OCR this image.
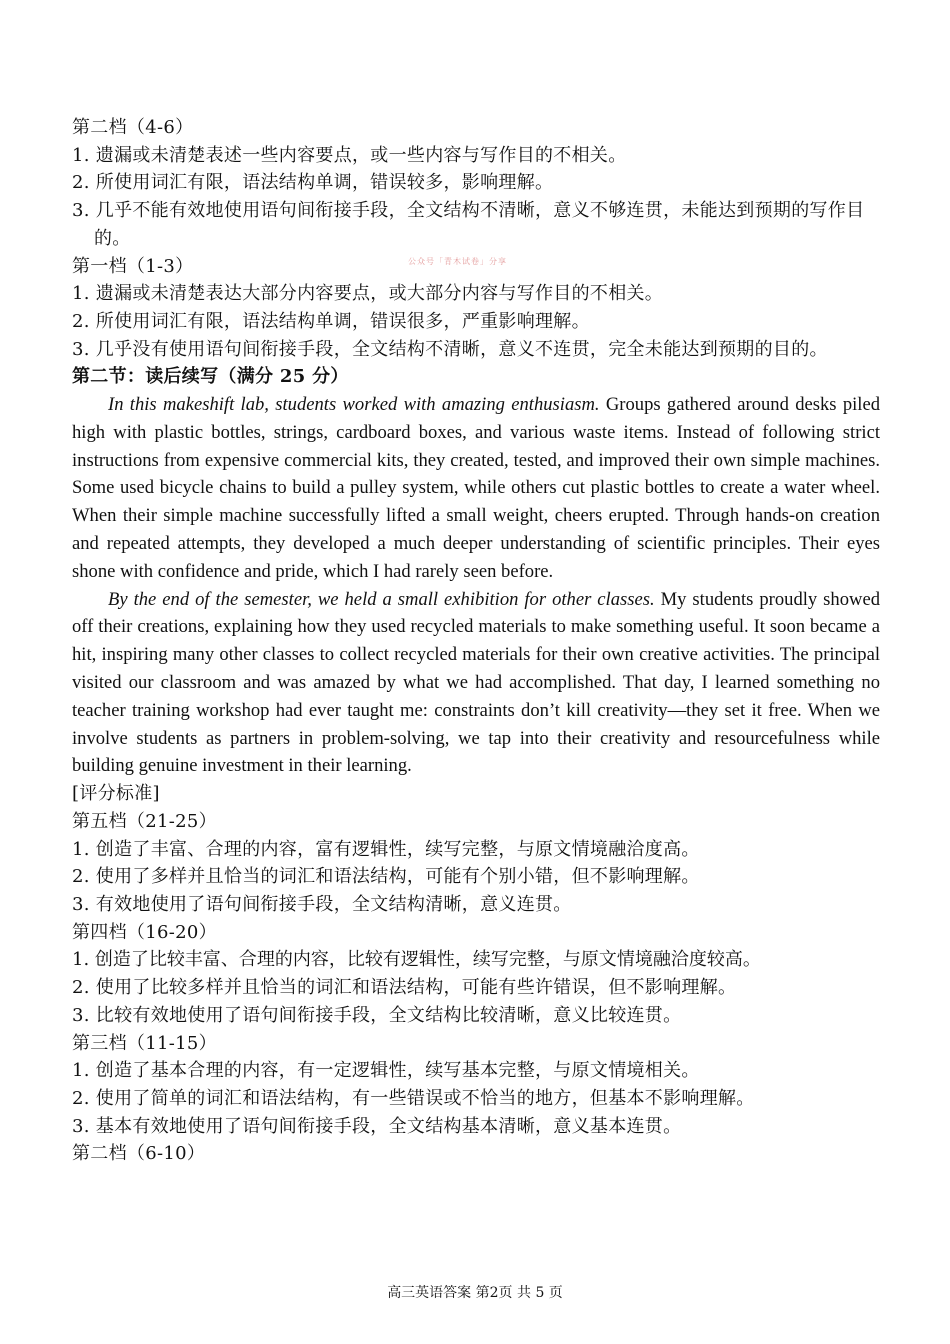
第二档（4-6）
1. 遗漏或未清楚表述一些内容要点，或一些内容与写作目的不相关。
2. 所使用词汇有限，语法结构单调，错误较多，影响理解。
3. 几乎不能有效地使用语句间衔接手段，全文结构不清晰，意义不够连贯，未能达到预期的写作目的。
第一档（1-3）
1. 遗漏或未清楚表达大部分内容要点，或大部分内容与写作目的不相关。
2. 所使用词汇有限，语法结构单调，错误很多，严重影响理解。
3. 几乎没有使用语句间衔接手段，全文结构不清晰，意义不连贯，完全未能达到预期的目的。
第二节：读后续写（满分 25 分）

In this makeshift lab, students worked with amazing enthusiasm. Groups gathered around desks piled high with plastic bottles, strings, cardboard boxes, and various waste items. Instead of following strict instructions from expensive commercial kits, they created, tested, and improved their own simple machines. Some used bicycle chains to build a pulley system, while others cut plastic bottles to create a water wheel. When their simple machine successfully lifted a small weight, cheers erupted. Through hands-on creation and repeated attempts, they developed a much deeper understanding of scientific principles. Their eyes shone with confidence and pride, which I had rarely seen before.

By the end of the semester, we held a small exhibition for other classes. My students proudly showed off their creations, explaining how they used recycled materials to make something useful. It soon became a hit, inspiring many other classes to collect recycled materials for their own creative activities. The principal visited our classroom and was amazed by what we had accomplished. That day, I learned something no teacher training workshop had ever taught me: constraints don’t kill creativity—they set it free. When we involve students as partners in problem-solving, we tap into their creativity and resourcefulness while building genuine investment in their learning.

[评分标准]
第五档（21-25）
1. 创造了丰富、合理的内容，富有逻辑性，续写完整，与原文情境融洽度高。
2. 使用了多样并且恰当的词汇和语法结构，可能有个别小错，但不影响理解。
3. 有效地使用了语句间衔接手段，全文结构清晰，意义连贯。
第四档（16-20）
1. 创造了比较丰富、合理的内容，比较有逻辑性，续写完整，与原文情境融洽度较高。
2. 使用了比较多样并且恰当的词汇和语法结构，可能有些许错误，但不影响理解。
3. 比较有效地使用了语句间衔接手段，全文结构比较清晰，意义比较连贯。
第三档（11-15）
1. 创造了基本合理的内容，有一定逻辑性，续写基本完整，与原文情境相关。
2. 使用了简单的词汇和语法结构，有一些错误或不恰当的地方，但基本不影响理解。
3. 基本有效地使用了语句间衔接手段，全文结构基本清晰，意义基本连贯。
第二档（6-10）
公众号「青木试卷」分享
高三英语答案 第2页 共 5 页
